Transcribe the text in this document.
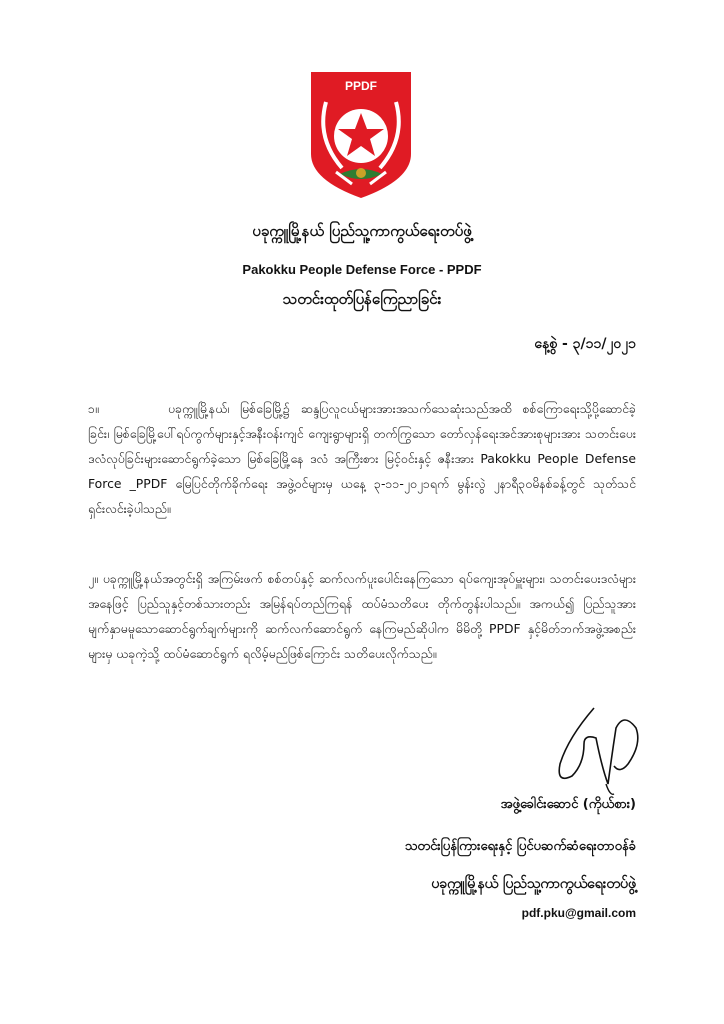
PPDF
ပခုက္ကူမြို့နယ် ပြည်သူ့ကာကွယ်ရေးတပ်ဖွဲ့
Pakokku People Defense Force - PPDF
သတင်းထုတ်ပြန်ကြေညာခြင်း
နေ့စွဲ - ၃/၁၁/၂၀၂၁
၁။	ပခုက္ကူမြို့နယ်၊ မြစ်ခြေမြို့၌ ဆန္ဒပြလူငယ်များအားအသက်သေဆုံးသည်အထိ စစ်ကြောရေးသို့ပို့ဆောင်ခဲ့ခြင်း၊ မြစ်ခြေမြို့ပေါ်ရပ်ကွက်များနှင့်အနီးဝန်းကျင် ကျေးရွာများရှိ တက်ကြွသော တော်လှန်ရေးအင်အားစုများအား သတင်းပေးဒလံလုပ်ခြင်းများဆောင်ရွက်ခဲ့သော မြစ်ခြေမြို့နေ ဒလံ အကြီးစား မြင့်ဝင်းနှင့် ဇနီးအား Pakokku People Defense Force _PPDF မြေပြင်တိုက်ခိုက်ရေး အဖွဲ့ဝင်များမှ ယနေ့ ၃-၁၁-၂၀၂၁ရက် မွန်းလွဲ ၂နာရီ၃၀မိနစ်ခန့်တွင် သုတ်သင်ရှင်းလင်းခဲ့ပါသည်။
၂။ ပခုက္ကူမြို့နယ်အတွင်းရှိ အကြမ်းဖက် စစ်တပ်နှင့် ဆက်လက်ပူးပေါင်းနေကြသော ရပ်ကျေးအုပ်မှူးများ၊ သတင်းပေးဒလံများအနေဖြင့် ပြည်သူနှင့်တစ်သားတည်း အမြန်ရပ်တည်ကြရန် ထပ်မံသတိပေး တိုက်တွန်းပါသည်။ အကယ်၍ ပြည်သူအားမျက်နှာမမူသောဆောင်ရွက်ချက်များကို ဆက်လက်ဆောင်ရွက် နေကြမည်ဆိုပါက မိမိတို့ PPDF နှင့်မိတ်ဘက်အဖွဲ့အစည်းများမှ ယခုကဲ့သို့ ထပ်မံဆောင်ရွက် ရလိမ့်မည်ဖြစ်ကြောင်း သတိပေးလိုက်သည်။
အဖွဲ့ခေါင်းဆောင် (ကိုယ်စား)
သတင်းပြန်ကြားရေးနှင့် ပြင်ပဆက်ဆံရေးတာဝန်ခံ
ပခုက္ကူမြို့နယ် ပြည်သူ့ကာကွယ်ရေးတပ်ဖွဲ့
pdf.pku@gmail.com
